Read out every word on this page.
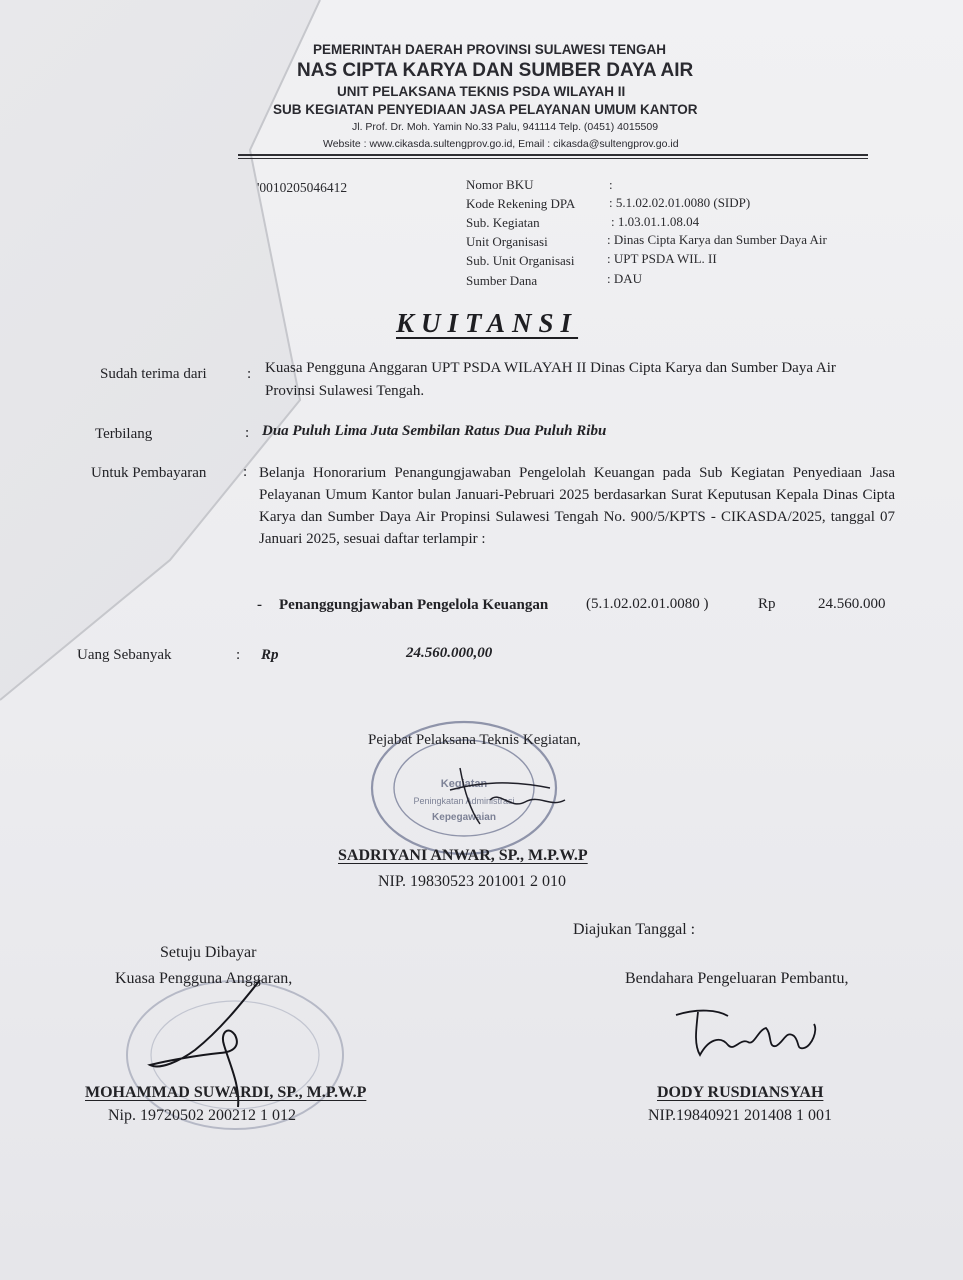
PEMERINTAH DAERAH PROVINSI SULAWESI TENGAH
NAS CIPTA KARYA DAN SUMBER DAYA AIR
UNIT PELAKSANA TEKNIS PSDA WILAYAH II
SUB KEGIATAN PENYEDIAAN JASA PELAYANAN UMUM KANTOR
Jl. Prof. Dr. Moh. Yamin No.33 Palu, 941114 Telp. (0451) 4015509
Website : www.cikasda.sultengprov.go.id, Email : cikasda@sultengprov.go.id
'0010205046412	Nomor BKU	:
Kode Rekening DPA	: 5.1.02.02.01.0080 (SIDP)
Sub. Kegiatan	: 1.03.01.1.08.04
Unit Organisasi	: Dinas Cipta Karya dan Sumber Daya Air
Sub. Unit Organisasi	: UPT PSDA WIL. II
Sumber Dana	: DAU
KUITANSI
Sudah terima dari	: Kuasa Pengguna Anggaran UPT PSDA WILAYAH II Dinas Cipta Karya dan Sumber Daya Air
Provinsi Sulawesi Tengah.
Terbilang	: Dua Puluh Lima Juta Sembilan Ratus Dua Puluh Ribu
Untuk Pembayaran : Belanja Honorarium Penangungjawaban Pengelolah Keuangan pada Sub Kegiatan Penyediaan Jasa Pelayanan Umum Kantor bulan Januari-Pebruari 2025 berdasarkan Surat Keputusan Kepala Dinas Cipta Karya dan Sumber Daya Air Propinsi Sulawesi Tengah No. 900/5/KPTS - CIKASDA/2025, tanggal 07 Januari 2025, sesuai daftar terlampir :
- Penanggungjawaban Pengelola Keuangan	(5.1.02.02.01.0080 )	Rp	24.560.000
Uang Sebanyak	: Rp	24.560.000,00
Kegiatan
Peningkatan Administrasi
Kepegawaian
Pejabat Pelaksana Teknis Kegiatan,
SADRIYANI ANWAR, SP., M.P.W.P
NIP. 19830523 201001 2 010
Diajukan Tanggal :
Setuju Dibayar
Kuasa Pengguna Anggaran,
MOHAMMAD SUWARDI, SP., M.P.W.P
Nip. 19720502 200212 1 012
Bendahara Pengeluaran Pembantu,
DODY RUSDIANSYAH
NIP.19840921 201408 1 001
